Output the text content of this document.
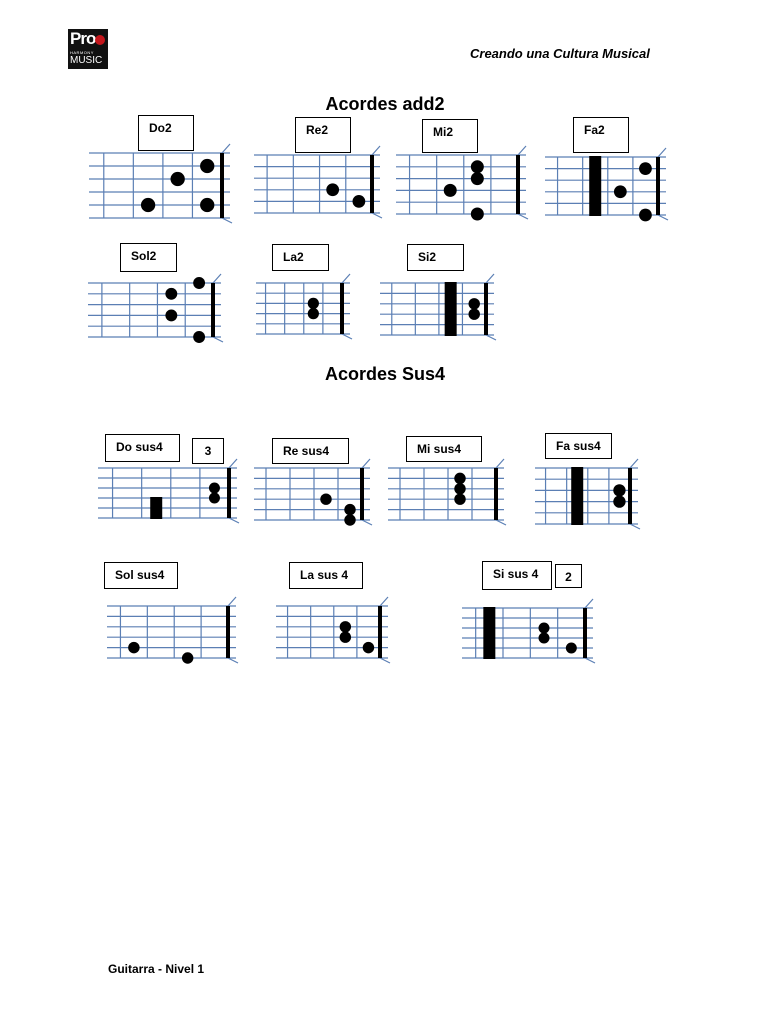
Pro
HARMONY
MUSIC	Creando una Cultura Musical
Acordes add2
Acordes Sus4
Do2	Re2	Mi2	Fa2
Sol2	La2	Si2
Do sus4	3	Re sus4	Mi sus4	Fa sus4
Sol sus4	La sus 4	Si sus 4	2
Guitarra - Nivel 1
